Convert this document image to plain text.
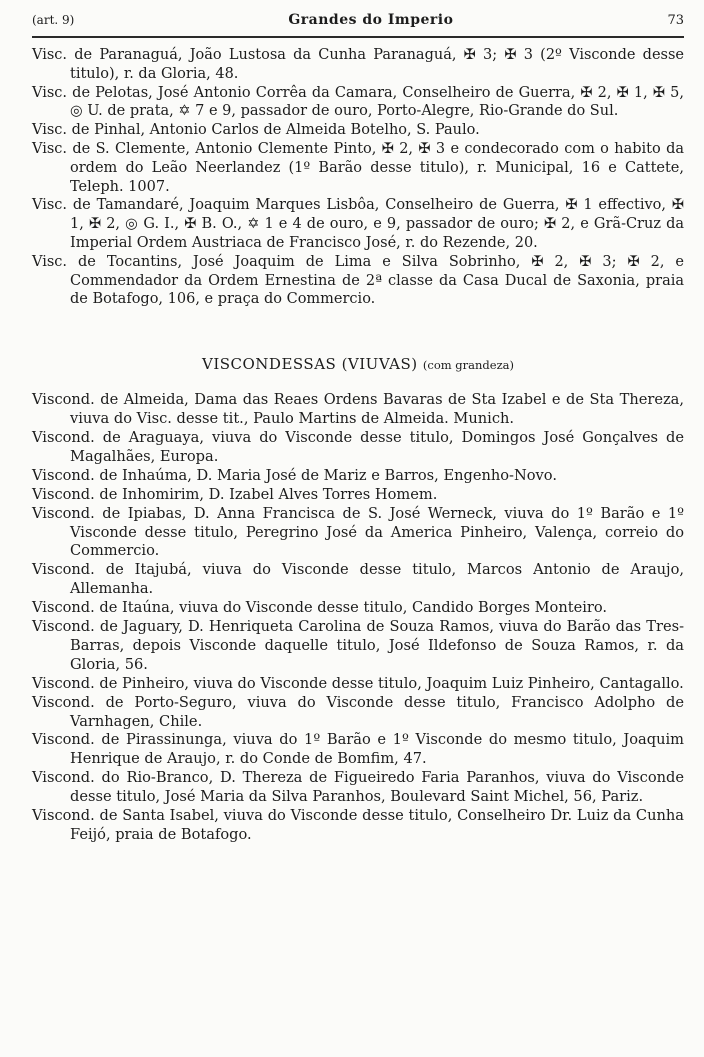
(art. 9)	Grandes do Imperio	73

Visc. de Paranaguá, João Lustosa da Cunha Paranaguá, ✠ 3; ✠ 3 (2º Visconde desse titulo), r. da Gloria, 48.

Visc. de Pelotas, José Antonio Corrêa da Camara, Conselheiro de Guerra, ✠ 2, ✠ 1, ✠ 5, ◎ U. de prata, ✡ 7 e 9, passador de ouro, Porto-Alegre, Rio-Grande do Sul.

Visc. de Pinhal, Antonio Carlos de Almeida Botelho, S. Paulo.

Visc. de S. Clemente, Antonio Clemente Pinto, ✠ 2, ✠ 3 e condecorado com o habito da ordem do Leão Neerlandez (1º Barão desse titulo), r. Municipal, 16 e Cattete, Teleph. 1007.

Visc. de Tamandaré, Joaquim Marques Lisbôa, Conselheiro de Guerra, ✠ 1 effectivo, ✠ 1, ✠ 2, ◎ G. I., ✠ B. O., ✡ 1 e 4 de ouro, e 9, passador de ouro; ✠ 2, e Grã-Cruz da Imperial Ordem Austriaca de Francisco José, r. do Rezende, 20.

Visc. de Tocantins, José Joaquim de Lima e Silva Sobrinho, ✠ 2, ✠ 3; ✠ 2, e Commendador da Ordem Ernestina de 2ª classe da Casa Ducal de Saxonia, praia de Botafogo, 106, e praça do Commercio.

VISCONDESSAS (VIUVAS) (com grandeza)

Viscond. de Almeida, Dama das Reaes Ordens Bavaras de Sta Izabel e de Sta Thereza, viuva do Visc. desse tit., Paulo Martins de Almeida. Munich.

Viscond. de Araguaya, viuva do Visconde desse titulo, Domingos José Gonçalves de Magalhães, Europa.

Viscond. de Inhaúma, D. Maria José de Mariz e Barros, Engenho-Novo.

Viscond. de Inhomirim, D. Izabel Alves Torres Homem.

Viscond. de Ipiabas, D. Anna Francisca de S. José Werneck, viuva do 1º Barão e 1º Visconde desse titulo, Peregrino José da America Pinheiro, Valença, correio do Commercio.

Viscond. de Itajubá, viuva do Visconde desse titulo, Marcos Antonio de Araujo, Allemanha.

Viscond. de Itaúna, viuva do Visconde desse titulo, Candido Borges Monteiro.

Viscond. de Jaguary, D. Henriqueta Carolina de Souza Ramos, viuva do Barão das Tres-Barras, depois Visconde daquelle titulo, José Ildefonso de Souza Ramos, r. da Gloria, 56.

Viscond. de Pinheiro, viuva do Visconde desse titulo, Joaquim Luiz Pinheiro, Cantagallo.

Viscond. de Porto-Seguro, viuva do Visconde desse titulo, Francisco Adolpho de Varnhagen, Chile.

Viscond. de Pirassinunga, viuva do 1º Barão e 1º Visconde do mesmo titulo, Joaquim Henrique de Araujo, r. do Conde de Bomfim, 47.

Viscond. do Rio-Branco, D. Thereza de Figueiredo Faria Paranhos, viuva do Visconde desse titulo, José Maria da Silva Paranhos, Boulevard Saint Michel, 56, Pariz.

Viscond. de Santa Isabel, viuva do Visconde desse titulo, Conselheiro Dr. Luiz da Cunha Feijó, praia de Botafogo.
